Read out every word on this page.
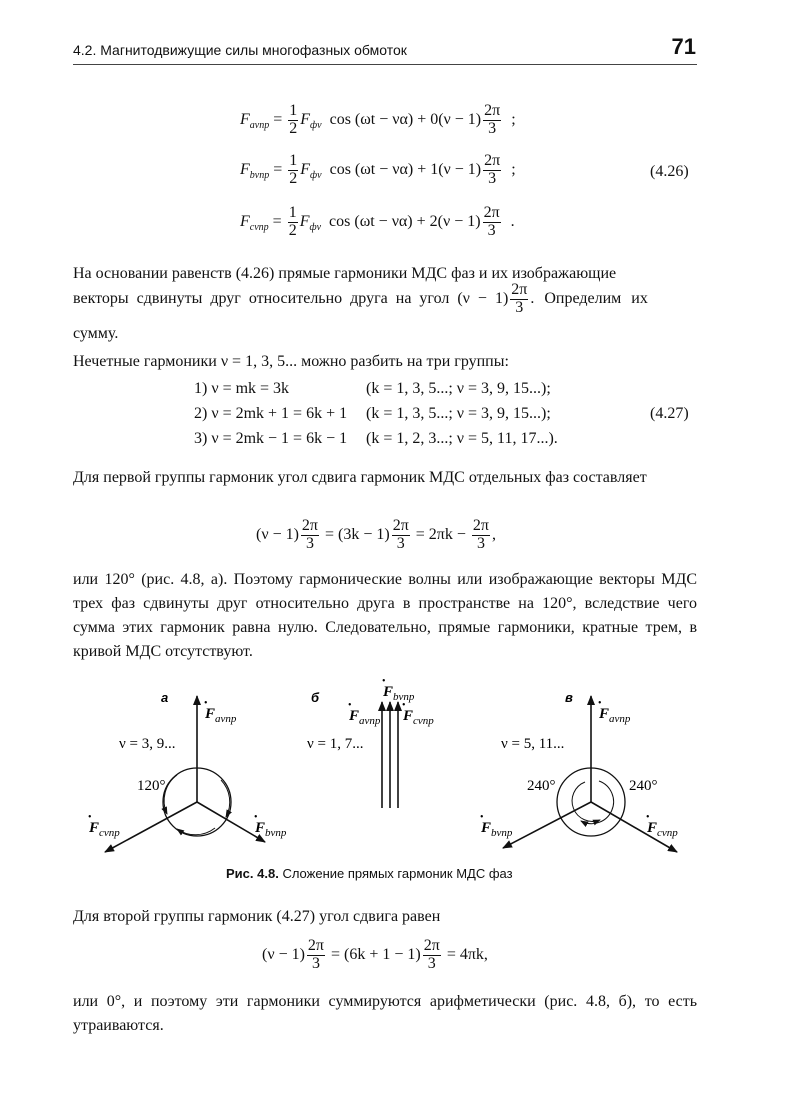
4.2. Магнитодвижущие силы многофазных обмоток	71
F $a\nu пр = \frac{1}{2}$ F фν
cos
$(\omega t - \nu\alpha) + 0(\nu - 1) \frac{2\pi}{3}$
;
F $b\nu пр = \frac{1}{2}$ F фν
cos
$(\omega t - \nu\alpha) + 1(\nu - 1) \frac{2\pi}{3}$
;
F $c\nu пр = \frac{1}{2}$ F фν
cos
$(\omega t - \nu\alpha) + 2(\nu - 1) \frac{2\pi}{3}$
.
(4.26)
На основании равенств (4.26) прямые гармоники МДС фаз и их изображающие
векторы сдвинуты друг относительно друга на угол $(\nu - 1) \frac{2\pi}{3}$ . Определим их
сумму.
Нечетные гармоники ν = 1, 3, 5... можно разбить на три группы:
1) ν = mk = 3k	(k = 1, 3, 5...; ν = 3, 9, 15...);
2) ν = 2mk + 1 = 6k + 1 (k = 1, 3, 5...; ν = 3, 9, 15...);
3) ν = 2mk − 1 = 6k − 1 (k = 1, 2, 3...; ν = 5, 11, 17...).
(4.27)
Для первой группы гармоник угол сдвига гармоник МДС отдельных фаз составляет
$(\nu - 1) \frac{2\pi}{3}$
= $(3k - 1) \frac{2\pi}{3}$
= 2πk −
$\frac{2\pi}{3}$ ,
или 120° (рис. 4.8, а). Поэтому гармонические волны или изображающие векторы МДС трех фаз сдвинуты друг относительно друга в пространстве на 120°, вследствие чего сумма этих гармоник равна нулю. Следовательно, прямые гармоники, кратные трем, в кривой МДС отсутствуют.
а
ν = 3, 9...
120°
$F_{a\nu пр}$
•
$F_{b\nu пр}$
•
$F_{c\nu пр}$
•
б
ν = 1, 7...
$F_{b\nu пр}$
•
$F_{a\nu пр}$
•
$F_{c\nu пр}$
•
в
ν = 5, 11...
240°	240°
$F_{a\nu пр}$
•
$F_{b\nu пр}$
•
$F_{c\nu пр}$
•
Рис. 4.8. Сложение прямых гармоник МДС фаз
Для второй группы гармоник (4.27) угол сдвига равен
$(\nu - 1) \frac{2\pi}{3}$
= $(6k + 1 - 1) \frac{2\pi}{3}$
= 4πk,
или 0°, и поэтому эти гармоники суммируются арифметически (рис. 4.8, б), то есть утраиваются.
